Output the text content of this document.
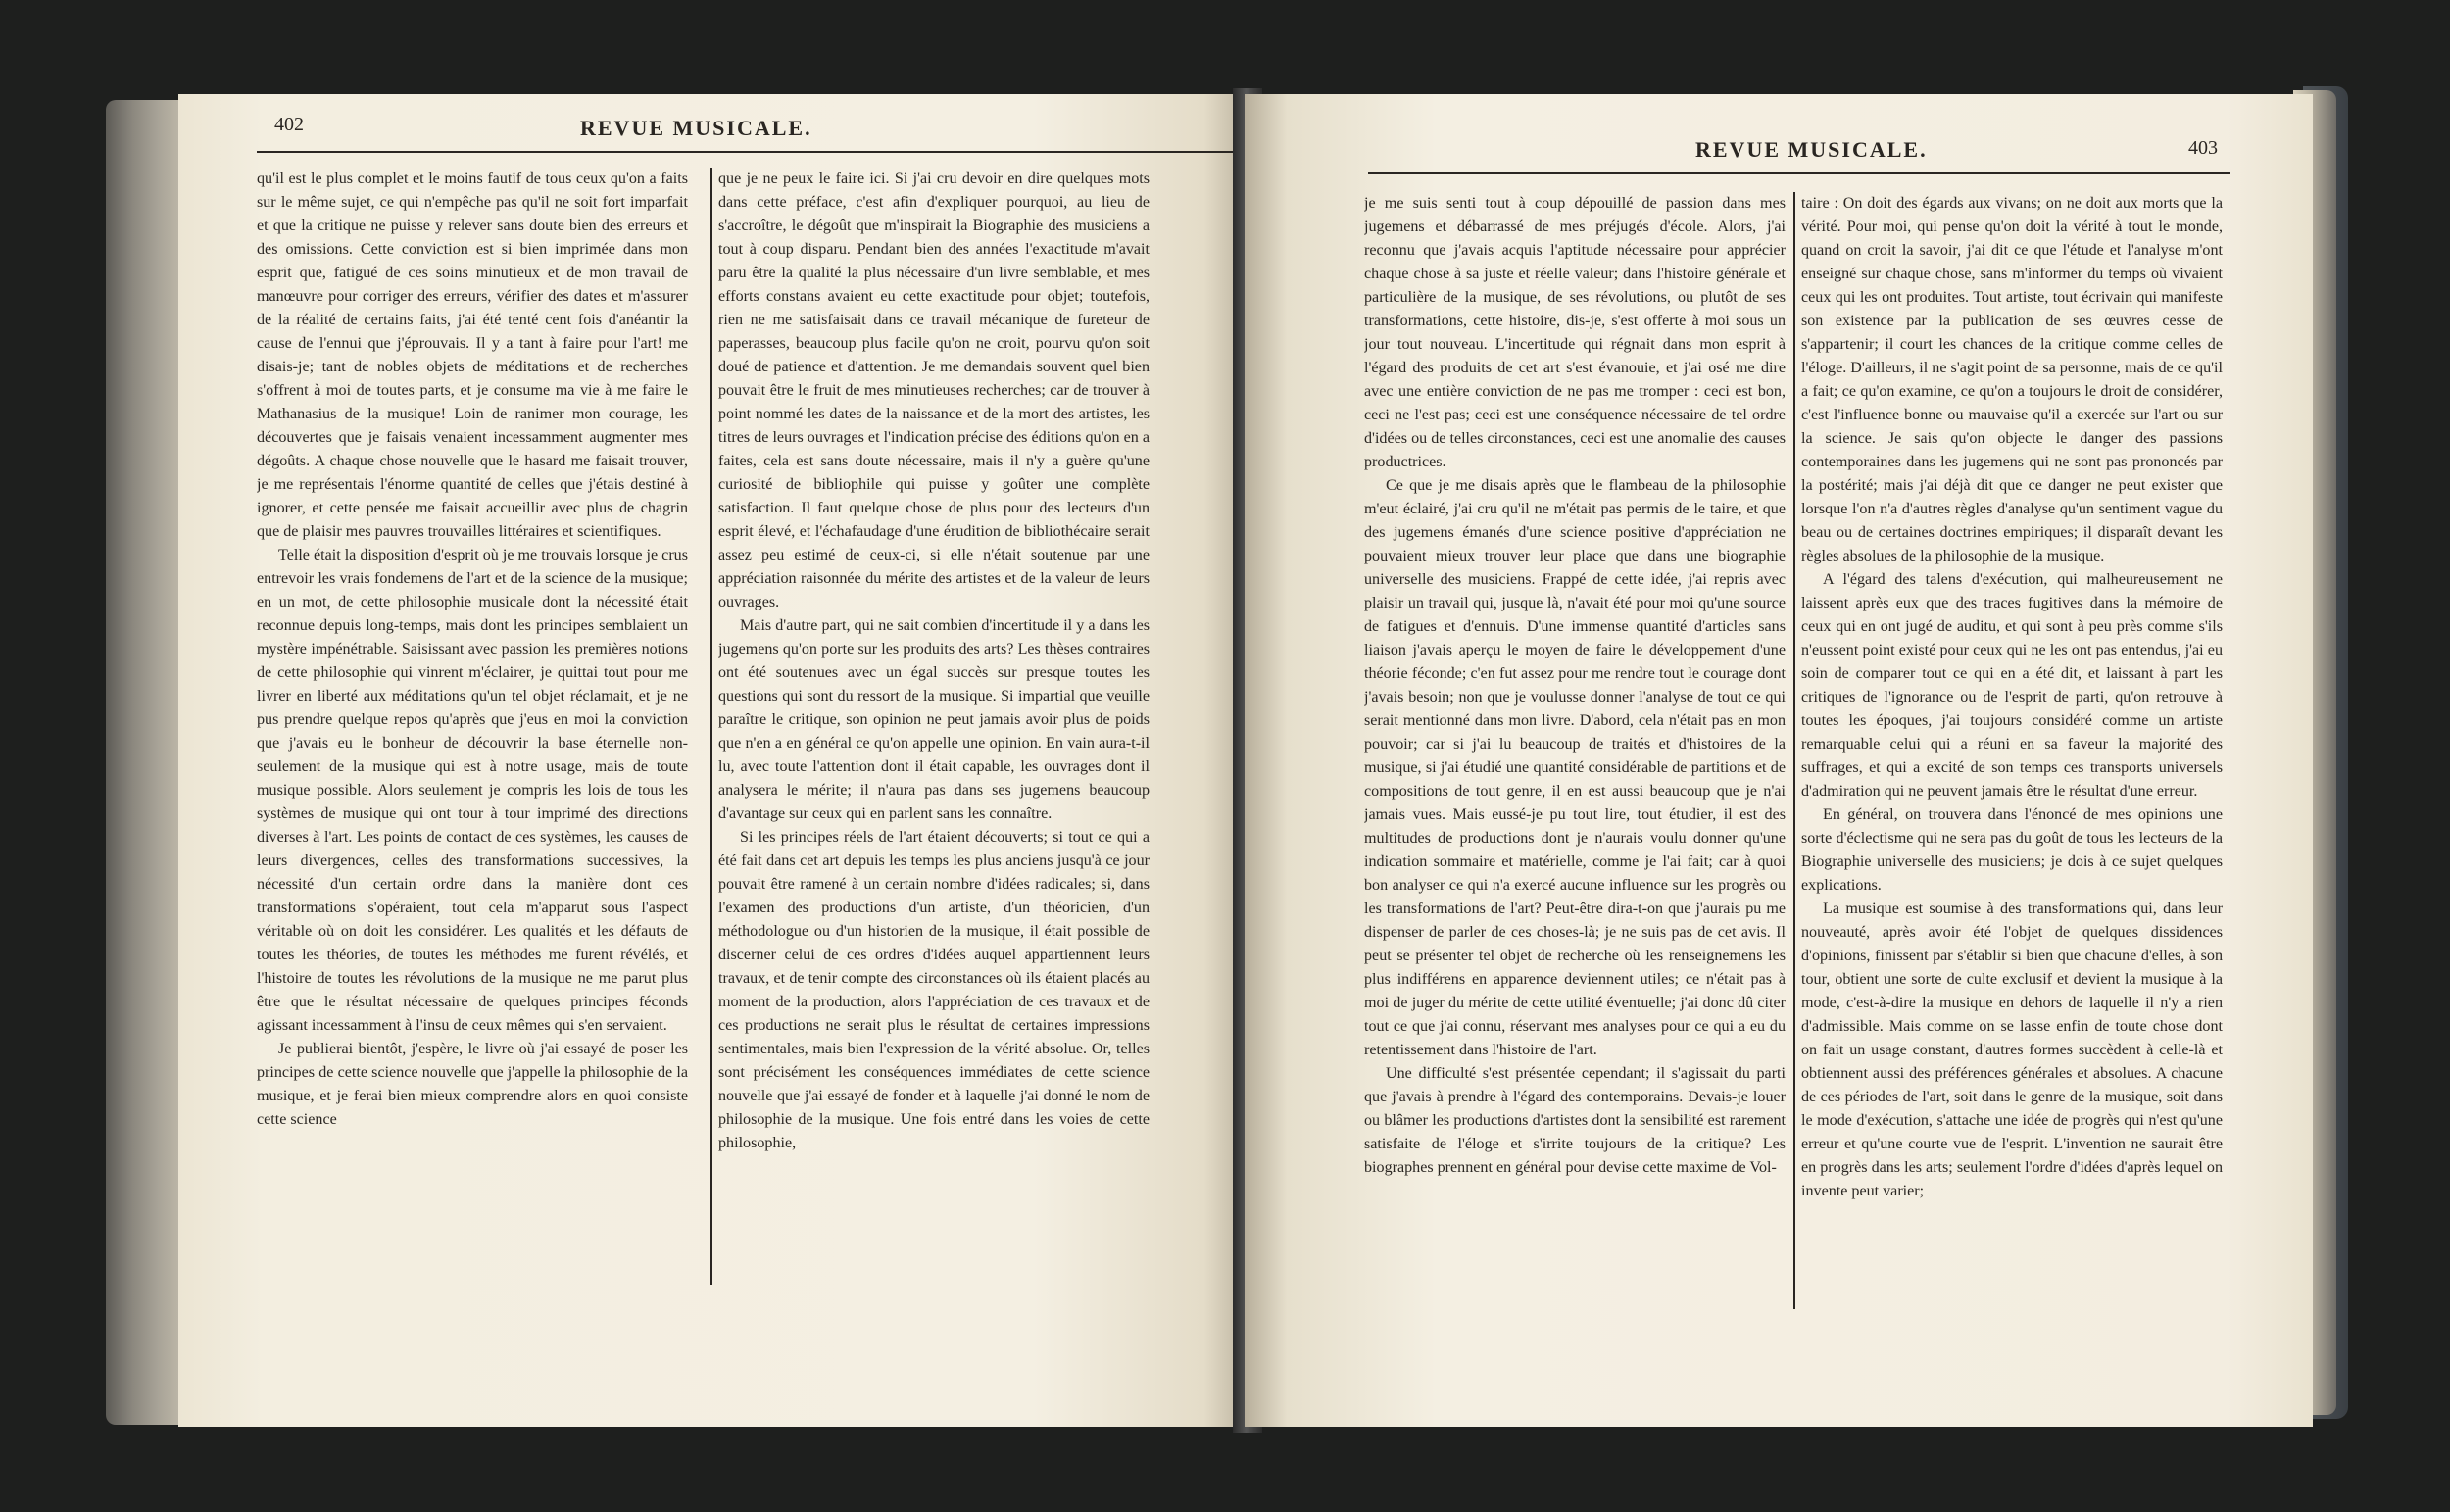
402	REVUE MUSICALE.

qu'il est le plus complet et le moins fautif de tous ceux qu'on a faits sur le même sujet, ce qui n'empêche pas qu'il ne soit fort imparfait et que la critique ne puisse y relever sans doute bien des erreurs et des omissions. Cette conviction est si bien imprimée dans mon esprit que, fatigué de ces soins minutieux et de mon travail de manœuvre pour corriger des erreurs, vérifier des dates et m'assurer de la réalité de certains faits, j'ai été tenté cent fois d'anéantir la cause de l'ennui que j'éprouvais. Il y a tant à faire pour l'art! me disais-je; tant de nobles objets de méditations et de recherches s'offrent à moi de toutes parts, et je consume ma vie à me faire le Mathanasius de la musique! Loin de ranimer mon courage, les découvertes que je faisais venaient incessamment augmenter mes dégoûts. A chaque chose nouvelle que le hasard me faisait trouver, je me représentais l'énorme quantité de celles que j'étais destiné à ignorer, et cette pensée me faisait accueillir avec plus de chagrin que de plaisir mes pauvres trouvailles littéraires et scientifiques.

Telle était la disposition d'esprit où je me trouvais lorsque je crus entrevoir les vrais fondemens de l'art et de la science de la musique; en un mot, de cette philosophie musicale dont la nécessité était reconnue depuis long-temps, mais dont les principes semblaient un mystère impénétrable. Saisissant avec passion les premières notions de cette philosophie qui vinrent m'éclairer, je quittai tout pour me livrer en liberté aux méditations qu'un tel objet réclamait, et je ne pus prendre quelque repos qu'après que j'eus en moi la conviction que j'avais eu le bonheur de découvrir la base éternelle non-seulement de la musique qui est à notre usage, mais de toute musique possible. Alors seulement je compris les lois de tous les systèmes de musique qui ont tour à tour imprimé des directions diverses à l'art. Les points de contact de ces systèmes, les causes de leurs divergences, celles des transformations successives, la nécessité d'un certain ordre dans la manière dont ces transformations s'opéraient, tout cela m'apparut sous l'aspect véritable où on doit les considérer. Les qualités et les défauts de toutes les théories, de toutes les méthodes me furent révélés, et l'histoire de toutes les révolutions de la musique ne me parut plus être que le résultat nécessaire de quelques principes féconds agissant incessamment à l'insu de ceux mêmes qui s'en servaient.

Je publierai bientôt, j'espère, le livre où j'ai essayé de poser les principes de cette science nouvelle que j'appelle la philosophie de la musique, et je ferai bien mieux comprendre alors en quoi consiste cette science

que je ne peux le faire ici. Si j'ai cru devoir en dire quelques mots dans cette préface, c'est afin d'expliquer pourquoi, au lieu de s'accroître, le dégoût que m'inspirait la Biographie des musiciens a tout à coup disparu. Pendant bien des années l'exactitude m'avait paru être la qualité la plus nécessaire d'un livre semblable, et mes efforts constans avaient eu cette exactitude pour objet; toutefois, rien ne me satisfaisait dans ce travail mécanique de fureteur de paperasses, beaucoup plus facile qu'on ne croit, pourvu qu'on soit doué de patience et d'attention. Je me demandais souvent quel bien pouvait être le fruit de mes minutieuses recherches; car de trouver à point nommé les dates de la naissance et de la mort des artistes, les titres de leurs ouvrages et l'indication précise des éditions qu'on en a faites, cela est sans doute nécessaire, mais il n'y a guère qu'une curiosité de bibliophile qui puisse y goûter une complète satisfaction. Il faut quelque chose de plus pour des lecteurs d'un esprit élevé, et l'échafaudage d'une érudition de bibliothécaire serait assez peu estimé de ceux-ci, si elle n'était soutenue par une appréciation raisonnée du mérite des artistes et de la valeur de leurs ouvrages.

Mais d'autre part, qui ne sait combien d'incertitude il y a dans les jugemens qu'on porte sur les produits des arts? Les thèses contraires ont été soutenues avec un égal succès sur presque toutes les questions qui sont du ressort de la musique. Si impartial que veuille paraître le critique, son opinion ne peut jamais avoir plus de poids que n'en a en général ce qu'on appelle une opinion. En vain aura-t-il lu, avec toute l'attention dont il était capable, les ouvrages dont il analysera le mérite; il n'aura pas dans ses jugemens beaucoup d'avantage sur ceux qui en parlent sans les connaître.

Si les principes réels de l'art étaient découverts; si tout ce qui a été fait dans cet art depuis les temps les plus anciens jusqu'à ce jour pouvait être ramené à un certain nombre d'idées radicales; si, dans l'examen des productions d'un artiste, d'un théoricien, d'un méthodologue ou d'un historien de la musique, il était possible de discerner celui de ces ordres d'idées auquel appartiennent leurs travaux, et de tenir compte des circonstances où ils étaient placés au moment de la production, alors l'appréciation de ces travaux et de ces productions ne serait plus le résultat de certaines impressions sentimentales, mais bien l'expression de la vérité absolue. Or, telles sont précisément les conséquences immédiates de cette science nouvelle que j'ai essayé de fonder et à laquelle j'ai donné le nom de philosophie de la musique. Une fois entré dans les voies de cette philosophie,

REVUE MUSICALE.	403

je me suis senti tout à coup dépouillé de passion dans mes jugemens et débarrassé de mes préjugés d'école. Alors, j'ai reconnu que j'avais acquis l'aptitude nécessaire pour apprécier chaque chose à sa juste et réelle valeur; dans l'histoire générale et particulière de la musique, de ses révolutions, ou plutôt de ses transformations, cette histoire, dis-je, s'est offerte à moi sous un jour tout nouveau. L'incertitude qui régnait dans mon esprit à l'égard des produits de cet art s'est évanouie, et j'ai osé me dire avec une entière conviction de ne pas me tromper : ceci est bon, ceci ne l'est pas; ceci est une conséquence nécessaire de tel ordre d'idées ou de telles circonstances, ceci est une anomalie des causes productrices.

Ce que je me disais après que le flambeau de la philosophie m'eut éclairé, j'ai cru qu'il ne m'était pas permis de le taire, et que des jugemens émanés d'une science positive d'appréciation ne pouvaient mieux trouver leur place que dans une biographie universelle des musiciens. Frappé de cette idée, j'ai repris avec plaisir un travail qui, jusque là, n'avait été pour moi qu'une source de fatigues et d'ennuis. D'une immense quantité d'articles sans liaison j'avais aperçu le moyen de faire le développement d'une théorie féconde; c'en fut assez pour me rendre tout le courage dont j'avais besoin; non que je voulusse donner l'analyse de tout ce qui serait mentionné dans mon livre. D'abord, cela n'était pas en mon pouvoir; car si j'ai lu beaucoup de traités et d'histoires de la musique, si j'ai étudié une quantité considérable de partitions et de compositions de tout genre, il en est aussi beaucoup que je n'ai jamais vues. Mais eussé-je pu tout lire, tout étudier, il est des multitudes de productions dont je n'aurais voulu donner qu'une indication sommaire et matérielle, comme je l'ai fait; car à quoi bon analyser ce qui n'a exercé aucune influence sur les progrès ou les transformations de l'art? Peut-être dira-t-on que j'aurais pu me dispenser de parler de ces choses-là; je ne suis pas de cet avis. Il peut se présenter tel objet de recherche où les renseignemens les plus indifférens en apparence deviennent utiles; ce n'était pas à moi de juger du mérite de cette utilité éventuelle; j'ai donc dû citer tout ce que j'ai connu, réservant mes analyses pour ce qui a eu du retentissement dans l'histoire de l'art.

Une difficulté s'est présentée cependant; il s'agissait du parti que j'avais à prendre à l'égard des contemporains. Devais-je louer ou blâmer les productions d'artistes dont la sensibilité est rarement satisfaite de l'éloge et s'irrite toujours de la critique? Les biographes prennent en général pour devise cette maxime de Vol-

taire : On doit des égards aux vivans; on ne doit aux morts que la vérité. Pour moi, qui pense qu'on doit la vérité à tout le monde, quand on croit la savoir, j'ai dit ce que l'étude et l'analyse m'ont enseigné sur chaque chose, sans m'informer du temps où vivaient ceux qui les ont produites. Tout artiste, tout écrivain qui manifeste son existence par la publication de ses œuvres cesse de s'appartenir; il court les chances de la critique comme celles de l'éloge. D'ailleurs, il ne s'agit point de sa personne, mais de ce qu'il a fait; ce qu'on examine, ce qu'on a toujours le droit de considérer, c'est l'influence bonne ou mauvaise qu'il a exercée sur l'art ou sur la science. Je sais qu'on objecte le danger des passions contemporaines dans les jugemens qui ne sont pas prononcés par la postérité; mais j'ai déjà dit que ce danger ne peut exister que lorsque l'on n'a d'autres règles d'analyse qu'un sentiment vague du beau ou de certaines doctrines empiriques; il disparaît devant les règles absolues de la philosophie de la musique.

A l'égard des talens d'exécution, qui malheureusement ne laissent après eux que des traces fugitives dans la mémoire de ceux qui en ont jugé de auditu, et qui sont à peu près comme s'ils n'eussent point existé pour ceux qui ne les ont pas entendus, j'ai eu soin de comparer tout ce qui en a été dit, et laissant à part les critiques de l'ignorance ou de l'esprit de parti, qu'on retrouve à toutes les époques, j'ai toujours considéré comme un artiste remarquable celui qui a réuni en sa faveur la majorité des suffrages, et qui a excité de son temps ces transports universels d'admiration qui ne peuvent jamais être le résultat d'une erreur.

En général, on trouvera dans l'énoncé de mes opinions une sorte d'éclectisme qui ne sera pas du goût de tous les lecteurs de la Biographie universelle des musiciens; je dois à ce sujet quelques explications.

La musique est soumise à des transformations qui, dans leur nouveauté, après avoir été l'objet de quelques dissidences d'opinions, finissent par s'établir si bien que chacune d'elles, à son tour, obtient une sorte de culte exclusif et devient la musique à la mode, c'est-à-dire la musique en dehors de laquelle il n'y a rien d'admissible. Mais comme on se lasse enfin de toute chose dont on fait un usage constant, d'autres formes succèdent à celle-là et obtiennent aussi des préférences générales et absolues. A chacune de ces périodes de l'art, soit dans le genre de la musique, soit dans le mode d'exécution, s'attache une idée de progrès qui n'est qu'une erreur et qu'une courte vue de l'esprit. L'invention ne saurait être en progrès dans les arts; seulement l'ordre d'idées d'après lequel on invente peut varier;
